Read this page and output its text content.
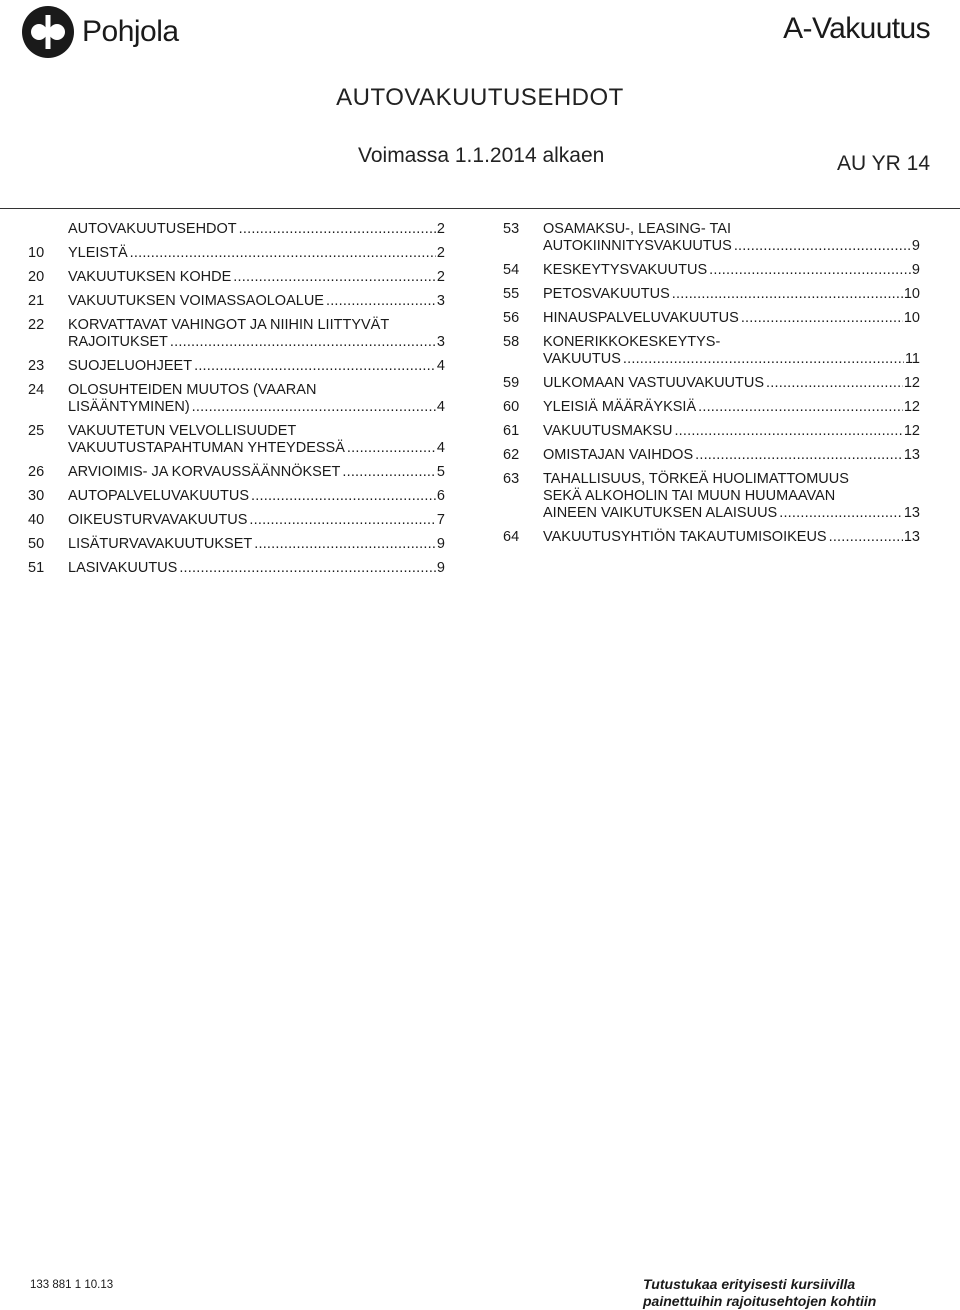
Pohjola	A-Vakuutus
AUTOVAKUUTUSEHDOT
Voimassa 1.1.2014 alkaen	AU YR 14
AUTOVAKUUTUSEHDOT .....	2
10	YLEISTÄ .....	2
20	VAKUUTUKSEN KOHDE .....	2
21	VAKUUTUKSEN VOIMASSAOLOALUE .....	3
22	KORVATTAVAT VAHINGOT JA NIIHIN LIITTYVÄT
RAJOITUKSET .....	3
23	SUOJELUOHJEET .....	4
24	OLOSUHTEIDEN MUUTOS (VAARAN
LISÄÄNTYMINEN) .....	4
25	VAKUUTETUN VELVOLLISUUDET
VAKUUTUSTAPAHTUMAN YHTEYDESSÄ .....	4
26	ARVIOIMIS- JA KORVAUSSÄÄNNÖKSET .....	5
30	AUTOPALVELUVAKUUTUS .....	6
40	OIKEUSTURVAVAKUUTUS .....	7
50	LISÄTURVAVAKUUTUKSET .....	9
51	LASIVAKUUTUS .....	9
53	OSAMAKSU-, LEASING- TAI
AUTOKIINNITYSVAKUUTUS .....	9
54	KESKEYTYSVAKUUTUS .....	9
55	PETOSVAKUUTUS .....	10
56	HINAUSPALVELUVAKUUTUS .....	10
58	KONERIKKOKESKEYTYS-
VAKUUTUS .....	11
59	ULKOMAAN VASTUUVAKUUTUS .....	12
60	YLEISIÄ MÄÄRÄYKSIÄ .....	12
61	VAKUUTUSMAKSU .....	12
62	OMISTAJAN VAIHDOS .....	13
63	TAHALLISUUS, TÖRKEÄ HUOLIMATTOMUUS
SEKÄ ALKOHOLIN TAI MUUN HUUMAAVAN
AINEEN VAIKUTUKSEN ALAISUUS .....	13
64	VAKUUTUSYHTIÖN TAKAUTUMISOIKEUS .....	13
133 881 1 10.13	Tutustukaa erityisesti kursiivilla
painettuihin rajoitusehtojen kohtiin
